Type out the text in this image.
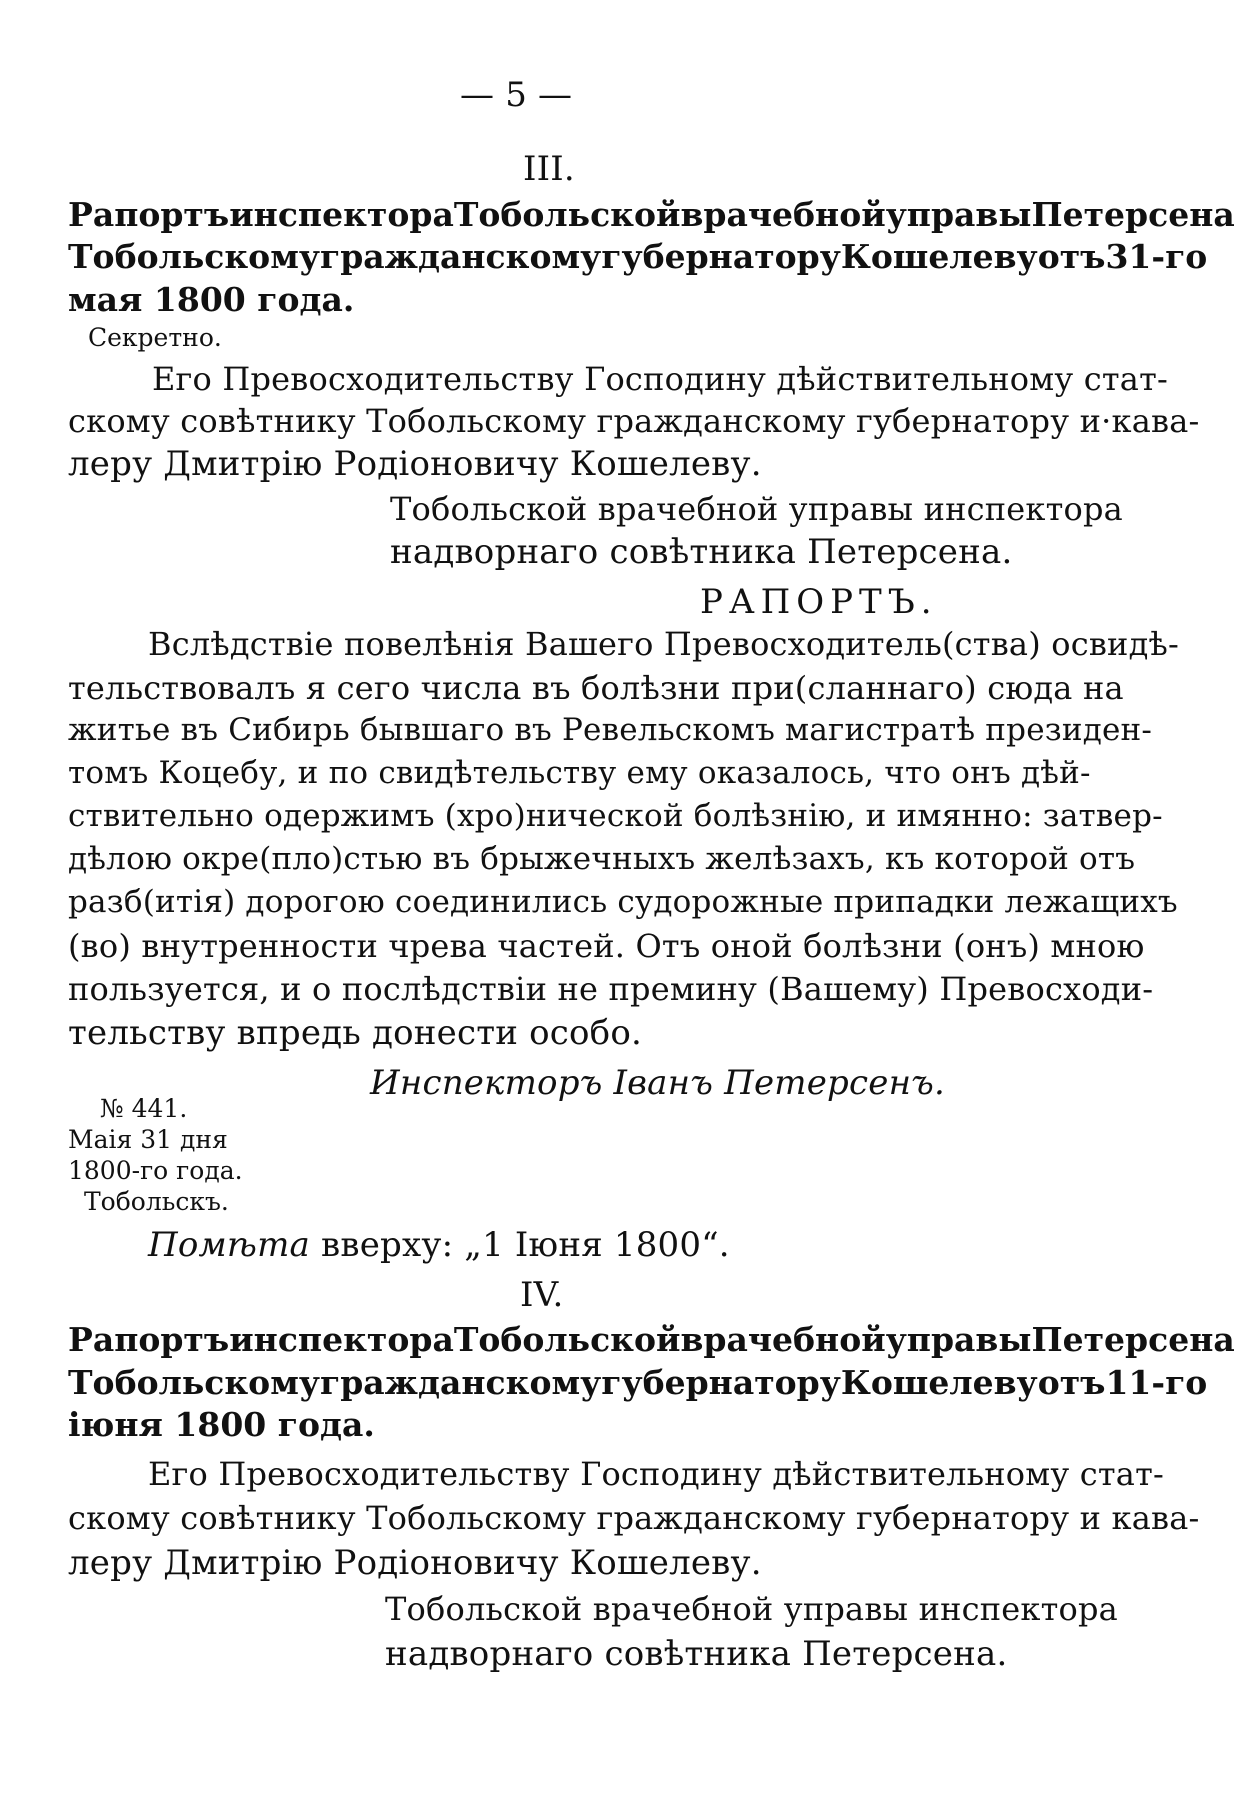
— 5 —
III.
Рапортъ инспектора Тобольской врачебной управы Петерсена
Тобольскому гражданскому губернатору Кошелеву отъ 31-го
мая 1800 года.
Секретно.
Его Превосходительству Господину дѣйствительному стат-
скому совѣтнику Тобольскому гражданскому губернатору и·кава-
леру Дмитрію Родіоновичу Кошелеву.
Тобольской врачебной управы инспектора
надворнаго совѣтника Петерсена.
РАПОРТЪ.
Вслѣдствіе повелѣнія Вашего Превосходитель(ства) освидѣ-
тельствовалъ я сего числа въ болѣзни при(сланнаго) сюда на
житье въ Сибирь бывшаго въ Ревельскомъ магистратѣ президен-
томъ Коцебу, и по свидѣтельству ему оказалось, что онъ дѣй-
ствительно одержимъ (хро)нической болѣзнію, и имянно: затвер-
дѣлою окре(пло)стью въ брыжечныхъ желѣзахъ, къ которой отъ
разб(итія) дорогою соединились судорожные припадки лежащихъ
(во) внутренности чрева частей. Отъ оной болѣзни (онъ) мною
пользуется, и о послѣдствіи не премину (Вашему) Превосходи-
тельству впредь донести особо.
Инспекторъ Іванъ Петерсенъ.
№ 441.
Маія 31 дня
1800-го года.
Тобольскъ.
Помѣта вверху: „1 Іюня 1800“.
IV.
Рапортъ инспектора Тобольской врачебной управы Петерсена
Тобольскому гражданскому губернатору Кошелеву отъ 11-го
іюня 1800 года.
Его Превосходительству Господину дѣйствительному стат-
скому совѣтнику Тобольскому гражданскому губернатору и кава-
леру Дмитрію Родіоновичу Кошелеву.
Тобольской врачебной управы инспектора
надворнаго совѣтника Петерсена.
